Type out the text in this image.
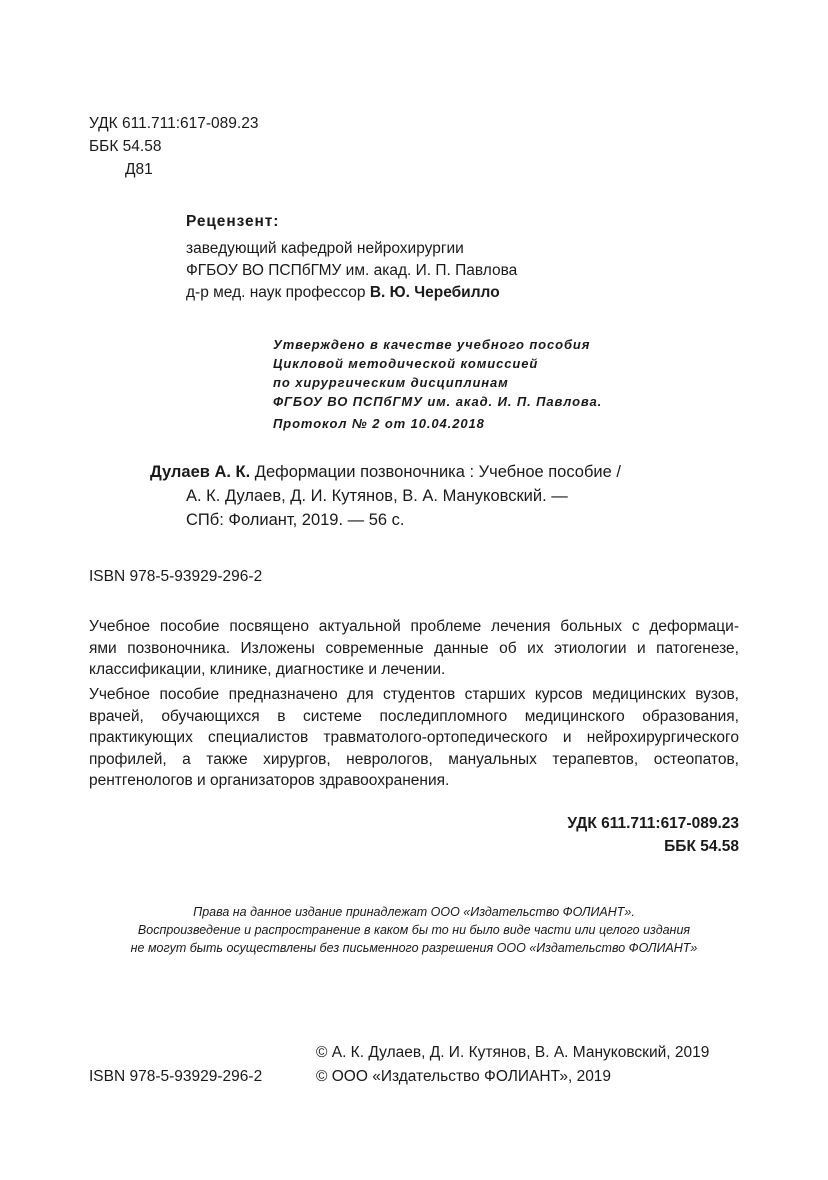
УДК 611.711:617-089.23
ББК 54.58
Д81
Рецензент:
заведующий кафедрой нейрохирургии
ФГБОУ ВО ПСПбГМУ им. акад. И. П. Павлова
д-р мед. наук профессор В. Ю. Черебилло
Утверждено в качестве учебного пособия
Цикловой методической комиссией
по хирургическим дисциплинам
ФГБОУ ВО ПСПбГМУ им. акад. И. П. Павлова.
Протокол № 2 от 10.04.2018
Дулаев А. К. Деформации позвоночника : Учебное пособие /
А. К. Дулаев, Д. И. Кутянов, В. А. Мануковский. —
СПб: Фолиант, 2019. — 56 с.
ISBN 978-5-93929-296-2
Учебное пособие посвящено актуальной проблеме лечения больных с деформаци-
ями позвоночника. Изложены современные данные об их этиологии и патогенезе,
классификации, клинике, диагностике и лечении.
Учебное пособие предназначено для студентов старших курсов медицинских вузов,
врачей, обучающихся в системе последипломного медицинского образования,
практикующих специалистов травматолого-ортопедического и нейрохирургического
профилей, а также хирургов, неврологов, мануальных терапевтов, остеопатов,
рентгенологов и организаторов здравоохранения.
УДК 611.711:617-089.23
ББК 54.58
Права на данное издание принадлежат ООО «Издательство ФОЛИАНТ».
Воспроизведение и распространение в каком бы то ни было виде части или целого издания
не могут быть осуществлены без письменного разрешения ООО «Издательство ФОЛИАНТ»
© А. К. Дулаев, Д. И. Кутянов, В. А. Мануковский, 2019
ISBN 978-5-93929-296-2	© ООО «Издательство ФОЛИАНТ», 2019
